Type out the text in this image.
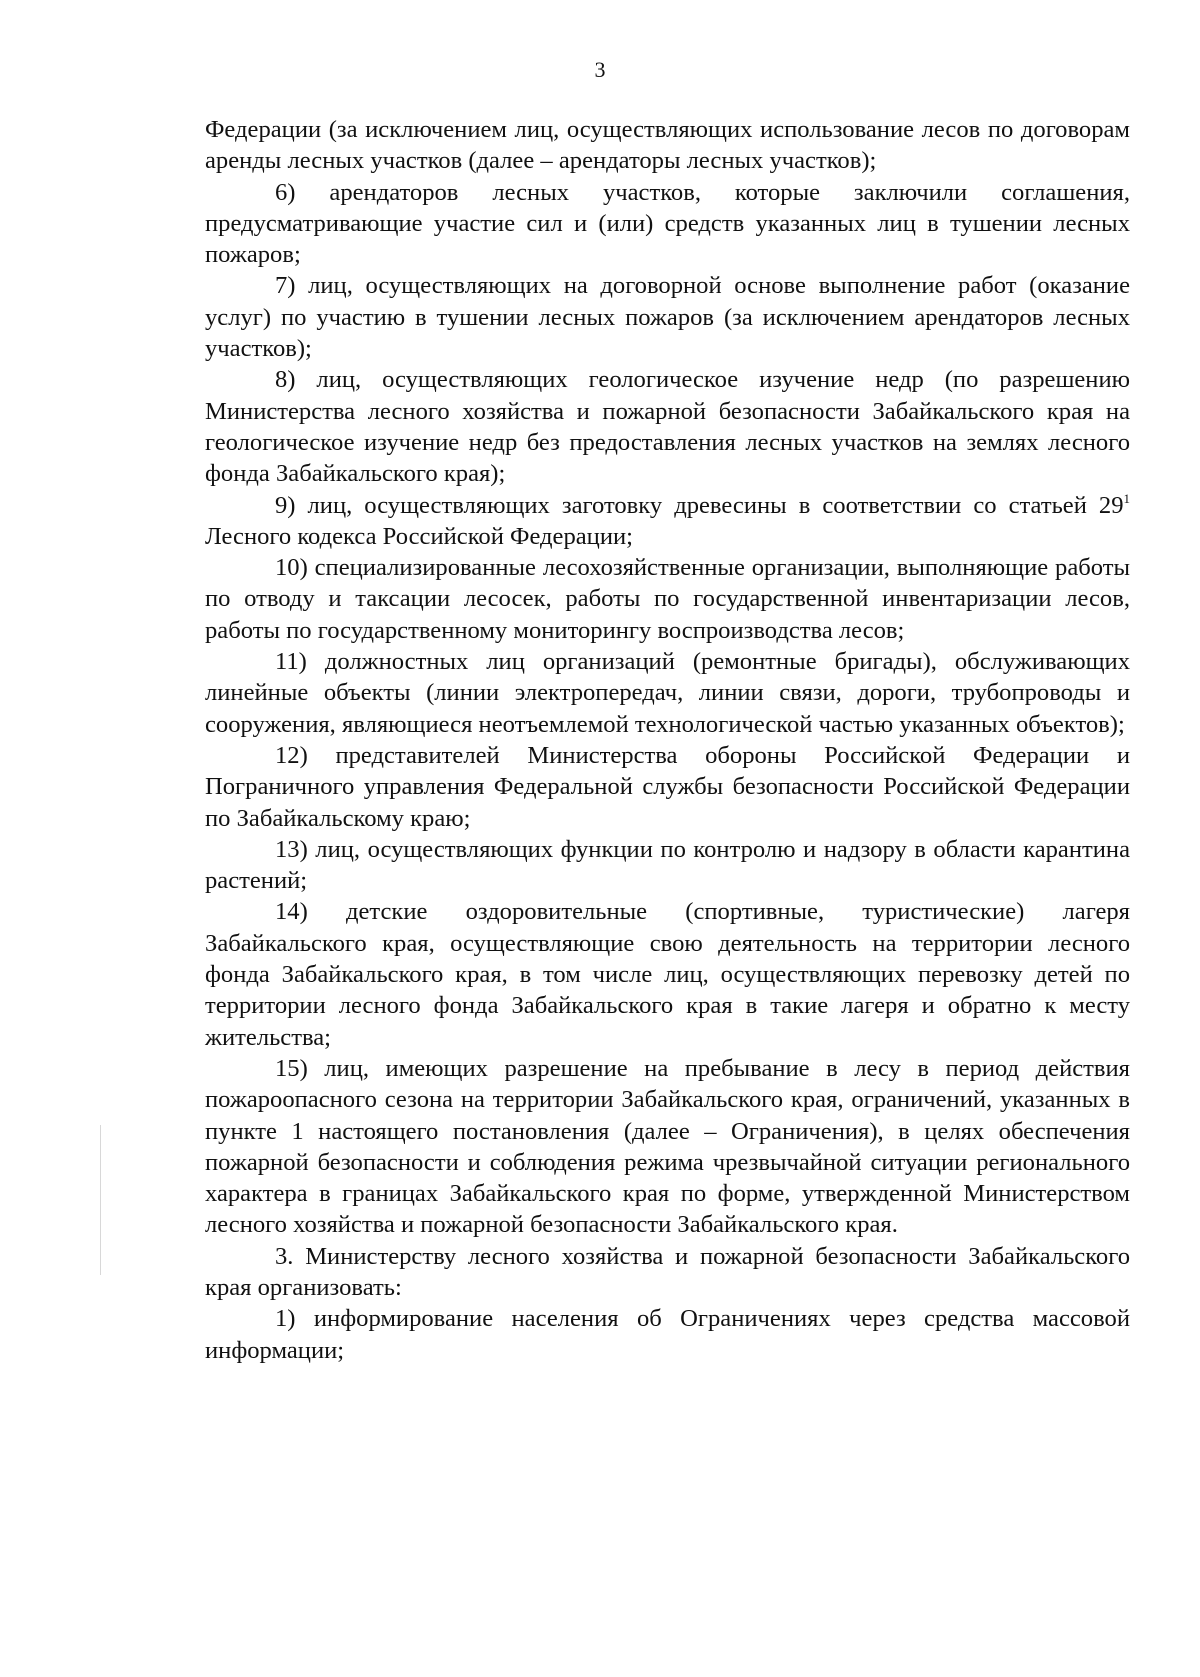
3

Федерации (за исключением лиц, осуществляющих использование лесов по договорам аренды лесных участков (далее – арендаторы лесных участков);

6) арендаторов лесных участков, которые заключили соглашения, предусматривающие участие сил и (или) средств указанных лиц в тушении лесных пожаров;

7) лиц, осуществляющих на договорной основе выполнение работ (оказание услуг) по участию в тушении лесных пожаров (за исключением арендаторов лесных участков);

8) лиц, осуществляющих геологическое изучение недр (по разрешению Министерства лесного хозяйства и пожарной безопасности Забайкальского края на геологическое изучение недр без предоставления лесных участков на землях лесного фонда Забайкальского края);

9) лиц, осуществляющих заготовку древесины в соответствии со статьей $29^1$ Лесного кодекса Российской Федерации;

10) специализированные лесохозяйственные организации, выполняющие работы по отводу и таксации лесосек, работы по государственной инвентаризации лесов, работы по государственному мониторингу воспроизводства лесов;

11) должностных лиц организаций (ремонтные бригады), обслуживающих линейные объекты (линии электропередач, линии связи, дороги, трубопроводы и сооружения, являющиеся неотъемлемой технологической частью указанных объектов);

12) представителей Министерства обороны Российской Федерации и Пограничного управления Федеральной службы безопасности Российской Федерации по Забайкальскому краю;

13) лиц, осуществляющих функции по контролю и надзору в области карантина растений;

14) детские оздоровительные (спортивные, туристические) лагеря Забайкальского края, осуществляющие свою деятельность на территории лесного фонда Забайкальского края, в том числе лиц, осуществляющих перевозку детей по территории лесного фонда Забайкальского края в такие лагеря и обратно к месту жительства;

15) лиц, имеющих разрешение на пребывание в лесу в период действия пожароопасного сезона на территории Забайкальского края, ограничений, указанных в пункте 1 настоящего постановления (далее – Ограничения), в целях обеспечения пожарной безопасности и соблюдения режима чрезвычайной ситуации регионального характера в границах Забайкальского края по форме, утвержденной Министерством лесного хозяйства и пожарной безопасности Забайкальского края.

3. Министерству лесного хозяйства и пожарной безопасности Забайкальского края организовать:

1) информирование населения об Ограничениях через средства массовой информации;
